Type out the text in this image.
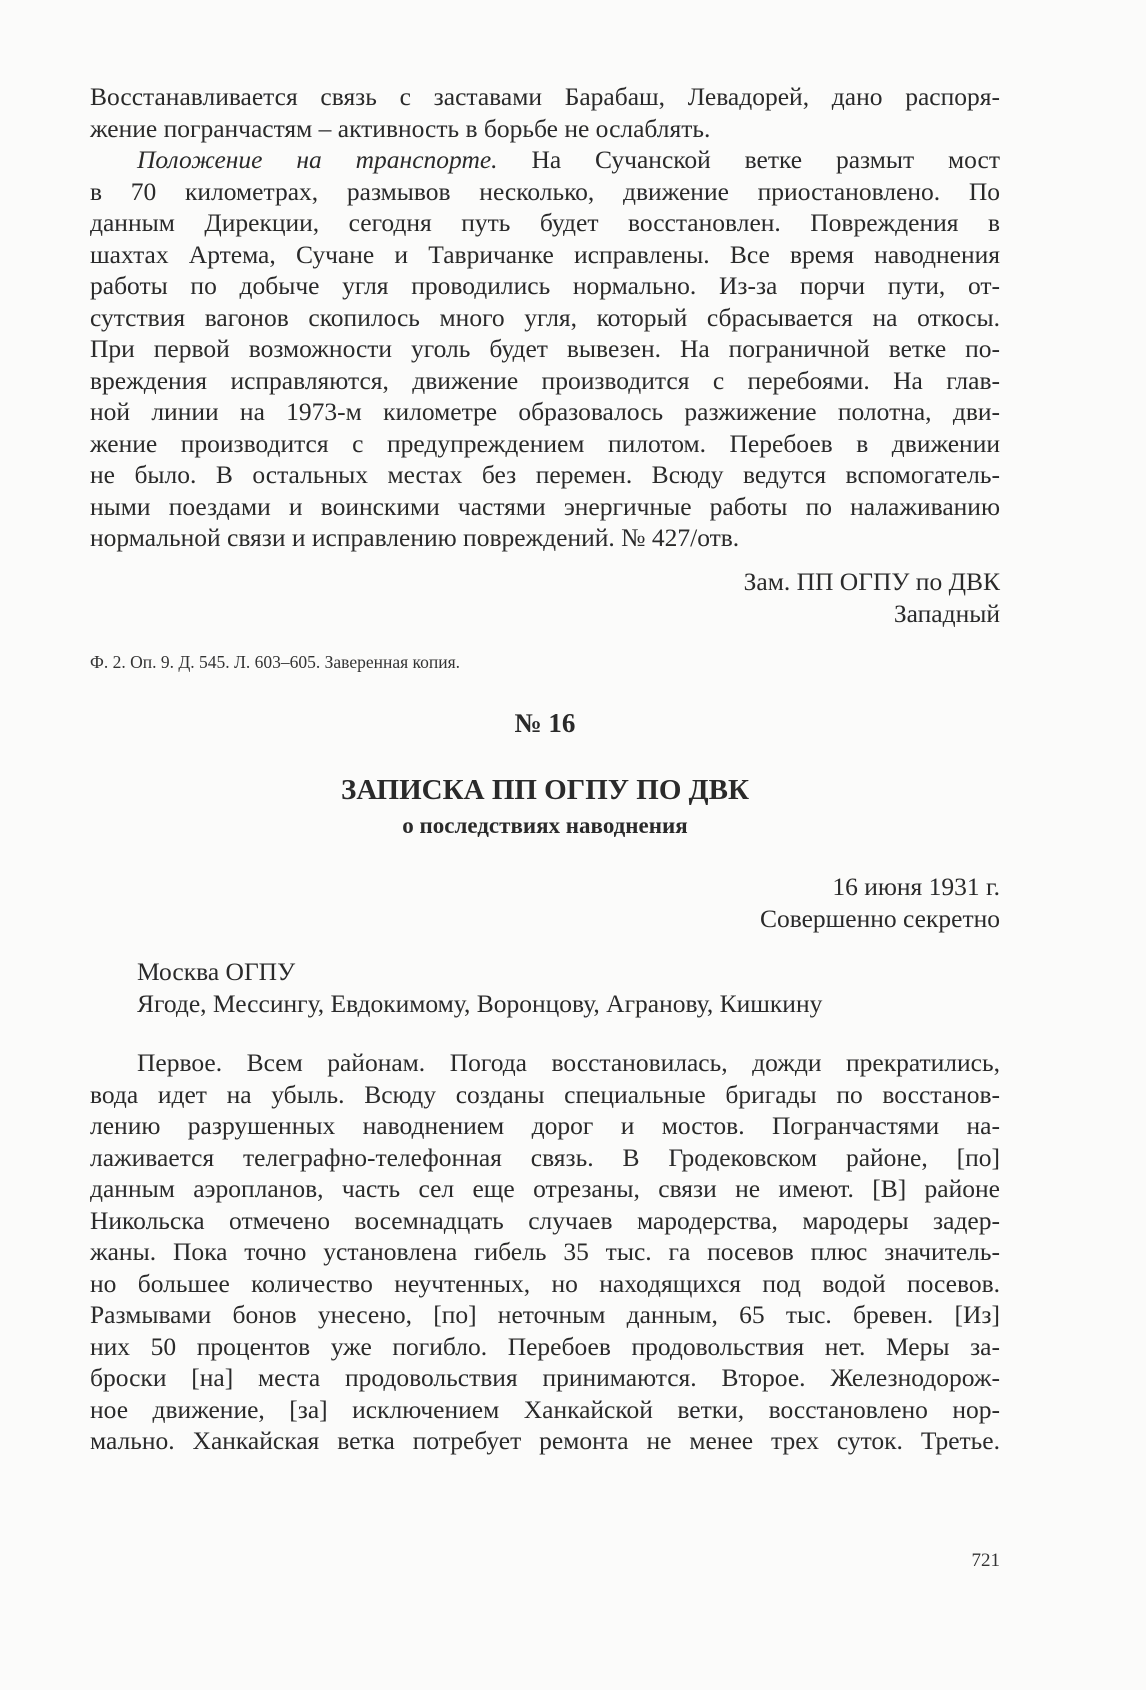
Восстанавливается связь с заставами Барабаш, Левадорей, дано распоря-
жение погранчастям – активность в борьбе не ослаблять.
Положение на транспорте. На Сучанской ветке размыт мост
в 70 километрах, размывов несколько, движение приостановлено. По
данным Дирекции, сегодня путь будет восстановлен. Повреждения в
шахтах Артема, Сучане и Тавричанке исправлены. Все время наводнения
работы по добыче угля проводились нормально. Из-за порчи пути, от-
сутствия вагонов скопилось много угля, который сбрасывается на откосы.
При первой возможности уголь будет вывезен. На пограничной ветке по-
вреждения исправляются, движение производится с перебоями. На глав-
ной линии на 1973-м километре образовалось разжижение полотна, дви-
жение производится с предупреждением пилотом. Перебоев в движении
не было. В остальных местах без перемен. Всюду ведутся вспомогатель-
ными поездами и воинскими частями энергичные работы по налаживанию
нормальной связи и исправлению повреждений. № 427/отв.
Зам. ПП ОГПУ по ДВК
Западный
Ф. 2. Оп. 9. Д. 545. Л. 603–605. Заверенная копия.
№ 16
ЗАПИСКА ПП ОГПУ ПО ДВК
о последствиях наводнения
16 июня 1931 г.
Совершенно секретно
Москва ОГПУ
Ягоде, Мессингу, Евдокимому, Воронцову, Агранову, Кишкину
Первое. Всем районам. Погода восстановилась, дожди прекратились,
вода идет на убыль. Всюду созданы специальные бригады по восстанов-
лению разрушенных наводнением дорог и мостов. Погранчастями на-
лаживается телеграфно-телефонная связь. В Гродековском районе, [по]
данным аэропланов, часть сел еще отрезаны, связи не имеют. [В] районе
Никольска отмечено восемнадцать случаев мародерства, мародеры задер-
жаны. Пока точно установлена гибель 35 тыс. га посевов плюс значитель-
но большее количество неучтенных, но находящихся под водой посевов.
Размывами бонов унесено, [по] неточным данным, 65 тыс. бревен. [Из]
них 50 процентов уже погибло. Перебоев продовольствия нет. Меры за-
броски [на] места продовольствия принимаются. Второе. Железнодорож-
ное движение, [за] исключением Ханкайской ветки, восстановлено нор-
мально. Ханкайская ветка потребует ремонта не менее трех суток. Третье.
721
